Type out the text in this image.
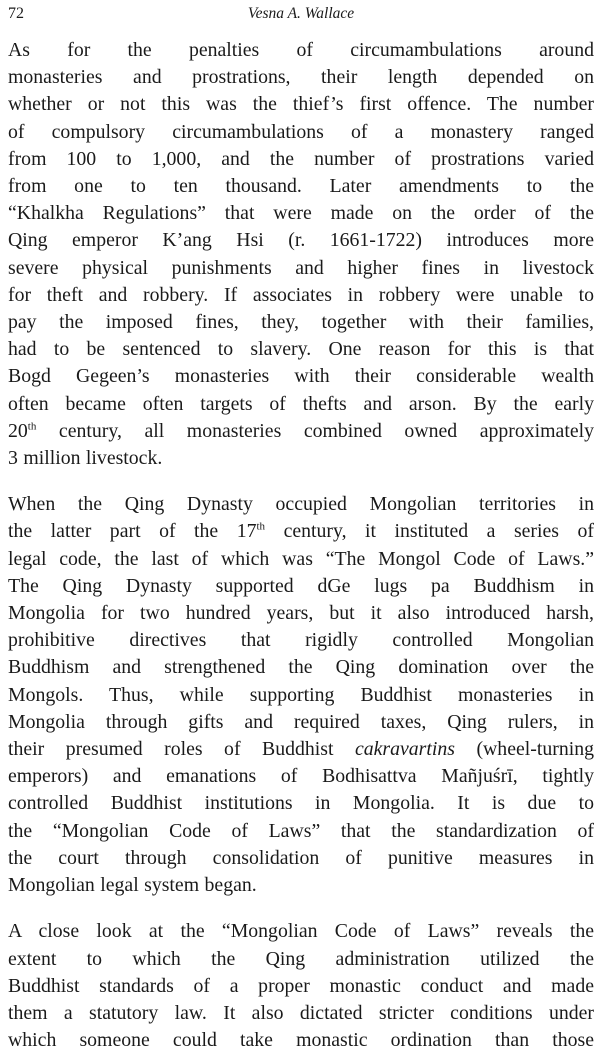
72	Vesna A. Wallace

As for the penalties of circumambulations around
monasteries and prostrations, their length depended on
whether or not this was the thief’s first offence. The number
of compulsory circumambulations of a monastery ranged
from 100 to 1,000, and the number of prostrations varied
from one to ten thousand. Later amendments to the
“Khalkha Regulations” that were made on the order of the
Qing emperor K’ang Hsi (r. 1661-1722) introduces more
severe physical punishments and higher fines in livestock
for theft and robbery. If associates in robbery were unable to
pay the imposed fines, they, together with their families,
had to be sentenced to slavery. One reason for this is that
Bogd Gegeen’s monasteries with their considerable wealth
often became often targets of thefts and arson. By the early
20th century, all monasteries combined owned approximately
3 million livestock.

When the Qing Dynasty occupied Mongolian territories in
the latter part of the 17th century, it instituted a series of
legal code, the last of which was “The Mongol Code of Laws.”
The Qing Dynasty supported dGe lugs pa Buddhism in
Mongolia for two hundred years, but it also introduced harsh,
prohibitive directives that rigidly controlled Mongolian
Buddhism and strengthened the Qing domination over the
Mongols. Thus, while supporting Buddhist monasteries in
Mongolia through gifts and required taxes, Qing rulers, in
their presumed roles of Buddhist cakravartins (wheel-turning
emperors) and emanations of Bodhisattva Mañjuśrī, tightly
controlled Buddhist institutions in Mongolia. It is due to
the “Mongolian Code of Laws” that the standardization of
the court through consolidation of punitive measures in
Mongolian legal system began.

A close look at the “Mongolian Code of Laws” reveals the
extent to which the Qing administration utilized the
Buddhist standards of a proper monastic conduct and made
them a statutory law. It also dictated stricter conditions under
which someone could take monastic ordination than those
